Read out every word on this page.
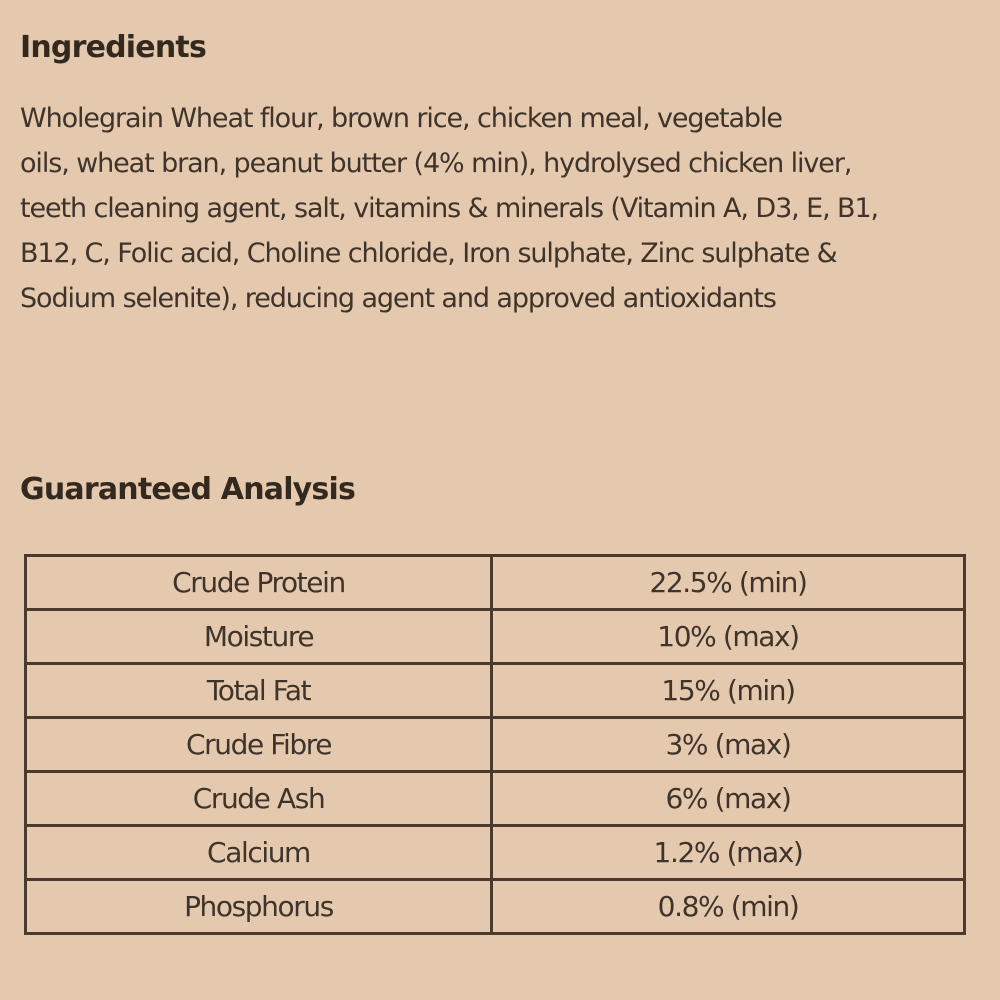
Ingredients

Wholegrain Wheat flour, brown rice, chicken meal, vegetable
oils, wheat bran, peanut butter (4% min), hydrolysed chicken liver,
teeth cleaning agent, salt, vitamins & minerals (Vitamin A, D3, E, B1,
B12, C, Folic acid, Choline chloride, Iron sulphate, Zinc sulphate &
Sodium selenite), reducing agent and approved antioxidants

Guaranteed Analysis
Crude Protein	22.5% (min)
Moisture	10% (max)
Total Fat	15% (min)
Crude Fibre	3% (max)
Crude Ash	6% (max)
Calcium	1.2% (max)
Phosphorus	0.8% (min)
